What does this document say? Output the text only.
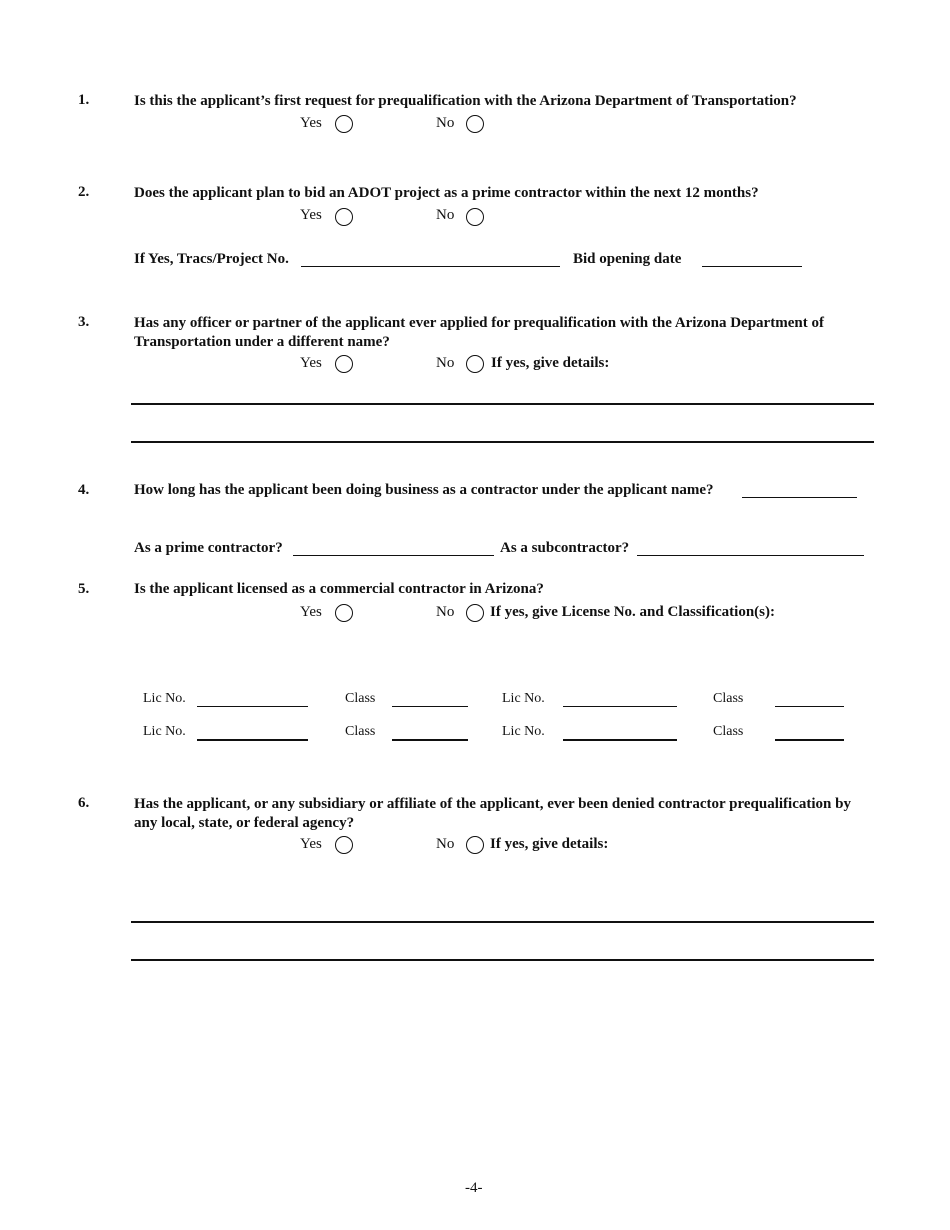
1.	Is this the applicant’s first request for prequalification with the Arizona Department of Transportation?
Yes	No
2.	Does the applicant plan to bid an ADOT project as a prime contractor within the next 12 months?
Yes	No
If Yes, Tracs/Project No.	Bid opening date
3.	Has any officer or partner of the applicant ever applied for prequalification with the Arizona Department of Transportation under a different name?
Yes	No If yes, give details:
4.	How long has the applicant been doing business as a contractor under the applicant name?
As a prime contractor?	As a subcontractor?
5.	Is the applicant licensed as a commercial contractor in Arizona?
Yes	No If yes, give License No. and Classification(s):
Lic No.	Class	Lic No.	Class
Lic No.	Class	Lic No.	Class
6.	Has the applicant, or any subsidiary or affiliate of the applicant, ever been denied contractor prequalification by any local, state, or federal agency?
Yes	No If yes, give details:
-4-
